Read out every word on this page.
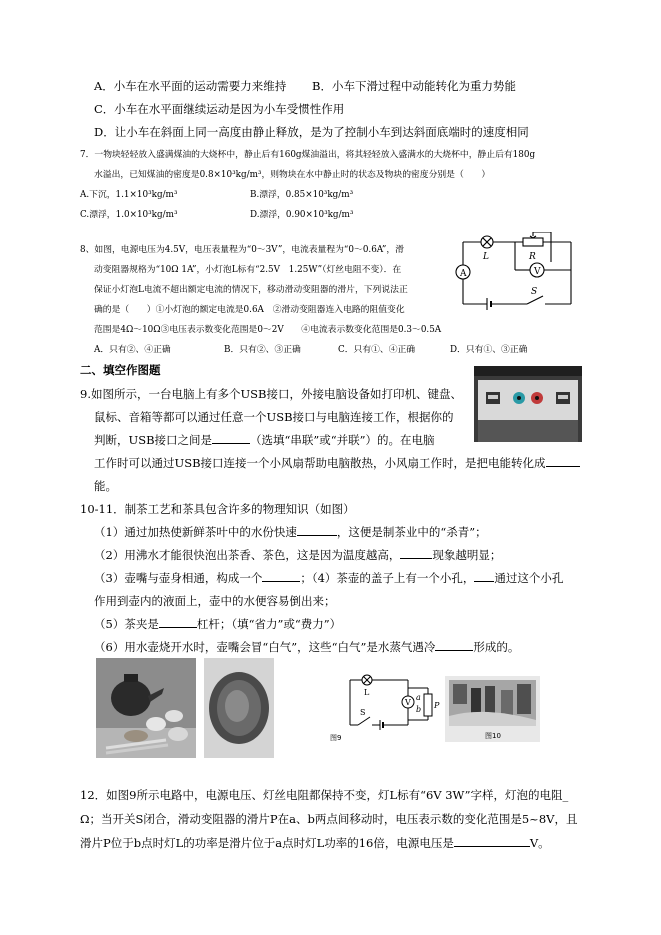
A．小车在水平面的运动需要力来维持 B．小车下滑过程中动能转化为重力势能
C．小车在水平面继续运动是因为小车受惯性作用
D．让小车在斜面上同一高度由静止释放，是为了控制小车到达斜面底端时的速度相同
7．一物块轻轻放入盛满煤油的大烧杯中，静止后有160g煤油溢出，将其轻轻放入盛满水的大烧杯中，静止后有180g
水溢出，已知煤油的密度是0.8×10³kg/m³，则物块在水中静止时的状态及物块的密度分别是（　　）
A.下沉，1.1×10³kg/m³	B.漂浮，0.85×10³kg/m³
C.漂浮，1.0×10³kg/m³	D.漂浮，0.90×10³kg/m³
8、如图，电源电压为4.5V，电压表量程为“0～3V”，电流表量程为“0～0.6A”，滑
动变阻器规格为“10Ω 1A”，小灯泡L标有“2.5V　1.25W”（灯丝电阻不变）．在
保证小灯泡L电流不超出额定电流的情况下，移动滑动变阻器的滑片，下列说法正
确的是（　　）①小灯泡的额定电流是0.6A　②滑动变阻器连入电路的阻值变化
范围是4Ω～10Ω③电压表示数变化范围是0～2V　　④电流表示数变化范围是0.3～0.5A
A．只有②、④正确	B．只有②、③正确	C．只有①、④正确	D．只有①、③正确
L	R
A	V
S
二、填空作图题
9.如图所示，一台电脑上有多个USB接口，外接电脑设备如打印机、键盘、
鼠标、音箱等都可以通过任意一个USB接口与电脑连接工作，根据你的
判断，USB接口之间是	（选填“串联”或“并联”）的。在电脑
工作时可以通过USB接口连接一个小风扇帮助电脑散热，小风扇工作时，是把电能转化成
能。
10-11．制茶工艺和茶具包含许多的物理知识（如图）
（1）通过加热使新鲜茶叶中的水份快速	，这便是制茶业中的“杀青”；
（2）用沸水才能很快泡出茶香、茶色，这是因为温度越高，	现象越明显；
（3）壶嘴与壶身相通，构成一个	；（4）茶壶的盖子上有一个小孔， 通过这个小孔
作用到壶内的液面上，壶中的水便容易倒出来；
（5）茶夹是	杠杆；（填“省力”或“费力”）
（6）用水壶烧开水时，壶嘴会冒“白气”，这些“白气”是水蒸气遇冷	形成的。
L
V
a
b P
S
图9	图10
12．如图9所示电路中，电源电压、灯丝电阻都保持不变，灯L标有“6V 3W”字样，灯泡的电阻_
Ω；当开关S闭合，滑动变阻器的滑片P在a、b两点间移动时，电压表示数的变化范围是5~8V，且
滑片P位于b点时灯L的功率是滑片位于a点时灯L功率的16倍，电源电压是	V。
